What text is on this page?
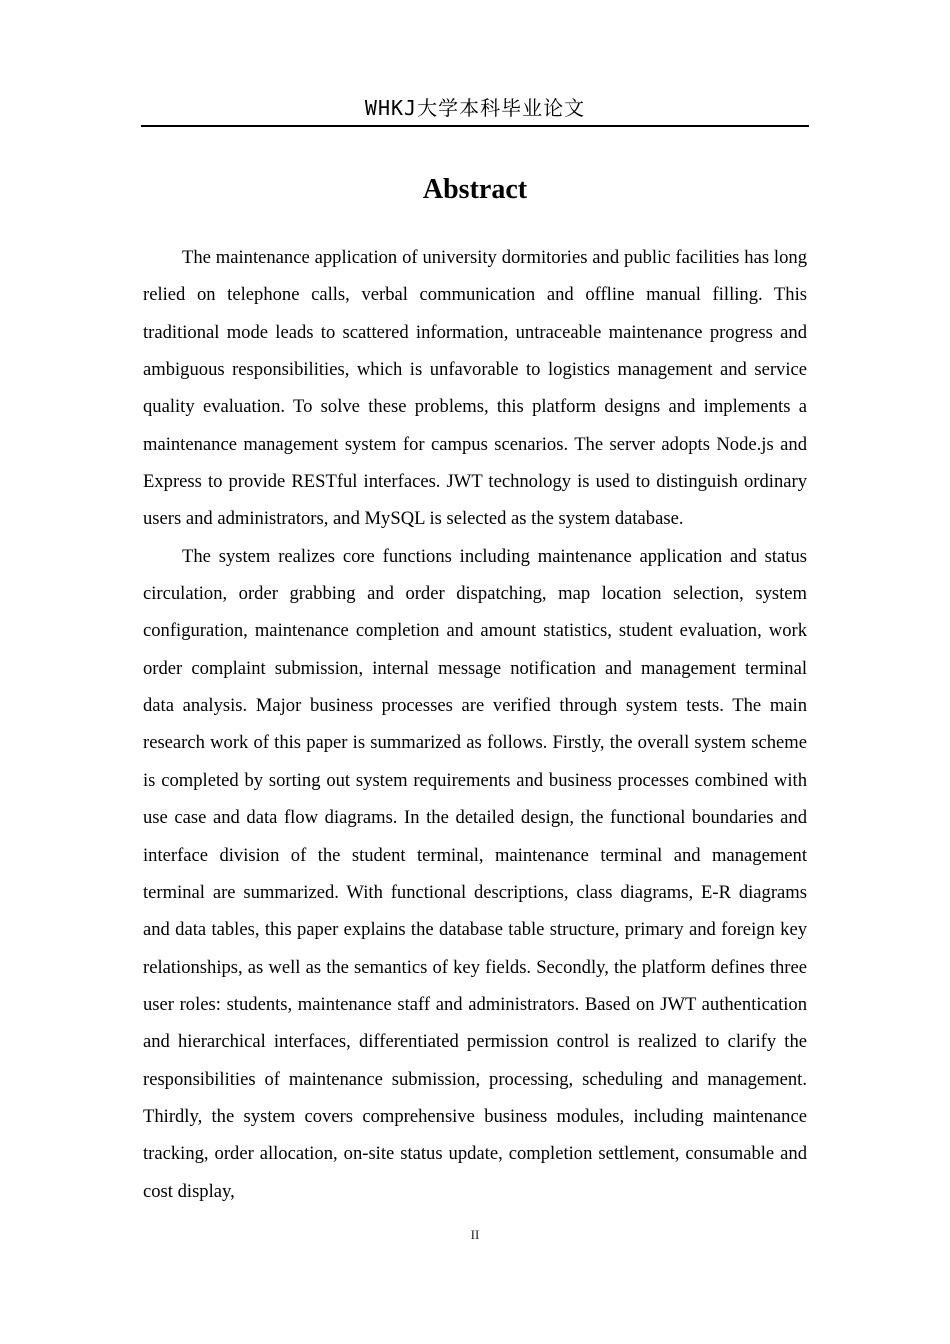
WHKJ大学本科毕业论文
Abstract

The maintenance application of university dormitories and public facilities has long relied on telephone calls, verbal communication and offline manual filling. This traditional mode leads to scattered information, untraceable maintenance progress and ambiguous responsibilities, which is unfavorable to logistics management and service quality evaluation. To solve these problems, this platform designs and implements a maintenance management system for campus scenarios. The server adopts Node.js and Express to provide RESTful interfaces. JWT technology is used to distinguish ordinary users and administrators, and MySQL is selected as the system database.

The system realizes core functions including maintenance application and status circulation, order grabbing and order dispatching, map location selection, system configuration, maintenance completion and amount statistics, student evaluation, work order complaint submission, internal message notification and management terminal data analysis. Major business processes are verified through system tests. The main research work of this paper is summarized as follows. Firstly, the overall system scheme is completed by sorting out system requirements and business processes combined with use case and data flow diagrams. In the detailed design, the functional boundaries and interface division of the student terminal, maintenance terminal and management terminal are summarized. With functional descriptions, class diagrams, E-R diagrams and data tables, this paper explains the database table structure, primary and foreign key relationships, as well as the semantics of key fields. Secondly, the platform defines three user roles: students, maintenance staff and administrators. Based on JWT authentication and hierarchical interfaces, differentiated permission control is realized to clarify the responsibilities of maintenance submission, processing, scheduling and management. Thirdly, the system covers comprehensive business modules, including maintenance tracking, order allocation, on-site status update, completion settlement, consumable and cost display,

II
